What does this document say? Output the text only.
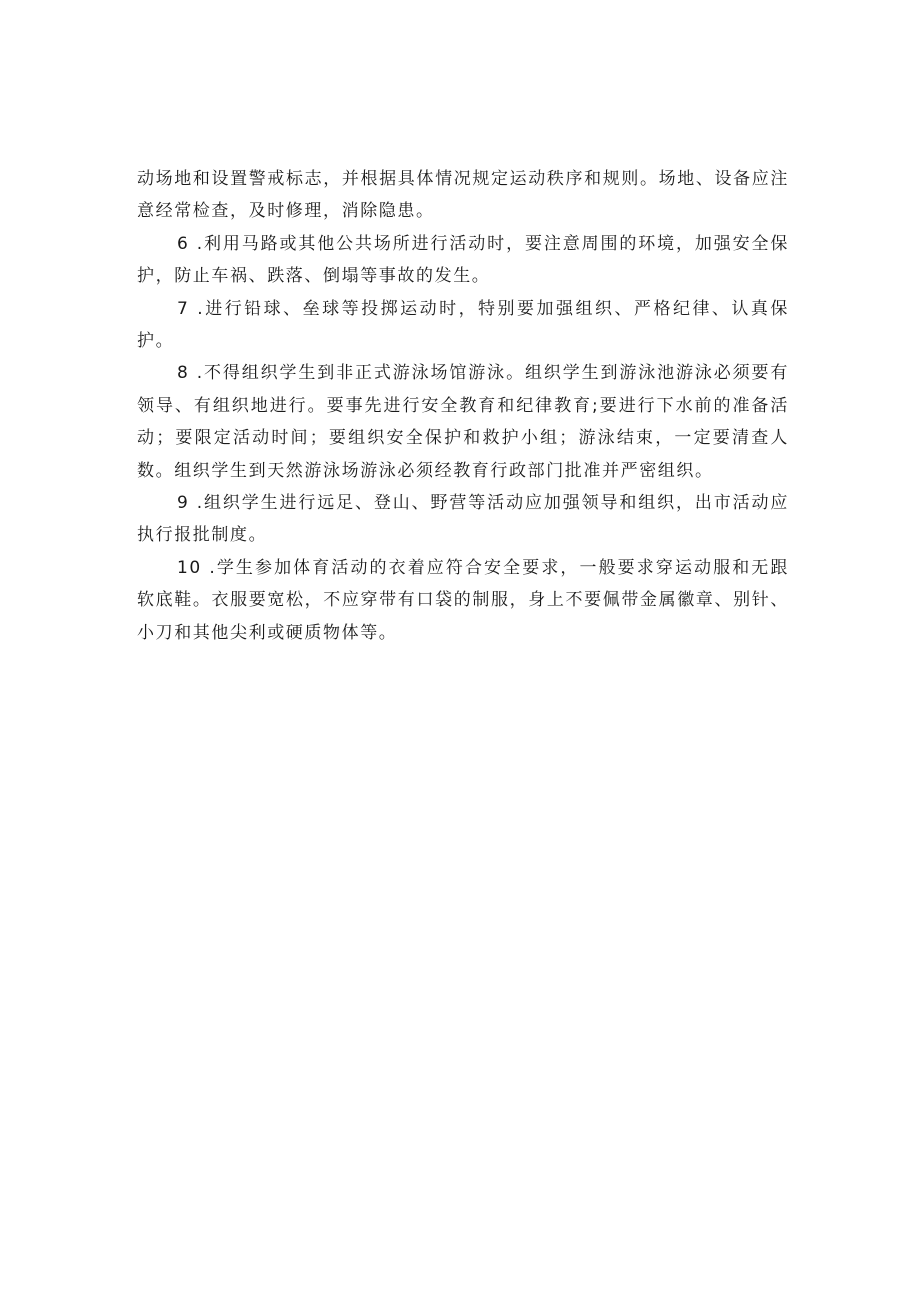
动场地和设置警戒标志，并根据具体情况规定运动秩序和规则。场地、设备应注意经常检查，及时修理，消除隐患。

6 .利用马路或其他公共场所进行活动时，要注意周围的环境，加强安全保护，防止车祸、跌落、倒塌等事故的发生。

7 .进行铅球、垒球等投掷运动时，特别要加强组织、严格纪律、认真保护。

8 .不得组织学生到非正式游泳场馆游泳。组织学生到游泳池游泳必须要有领导、有组织地进行。要事先进行安全教育和纪律教育;要进行下水前的准备活动；要限定活动时间；要组织安全保护和救护小组；游泳结束，一定要清查人数。组织学生到天然游泳场游泳必须经教育行政部门批准并严密组织。

9 .组织学生进行远足、登山、野营等活动应加强领导和组织，出市活动应执行报批制度。

10 .学生参加体育活动的衣着应符合安全要求，一般要求穿运动服和无跟软底鞋。衣服要宽松，不应穿带有口袋的制服，身上不要佩带金属徽章、别针、小刀和其他尖利或硬质物体等。
